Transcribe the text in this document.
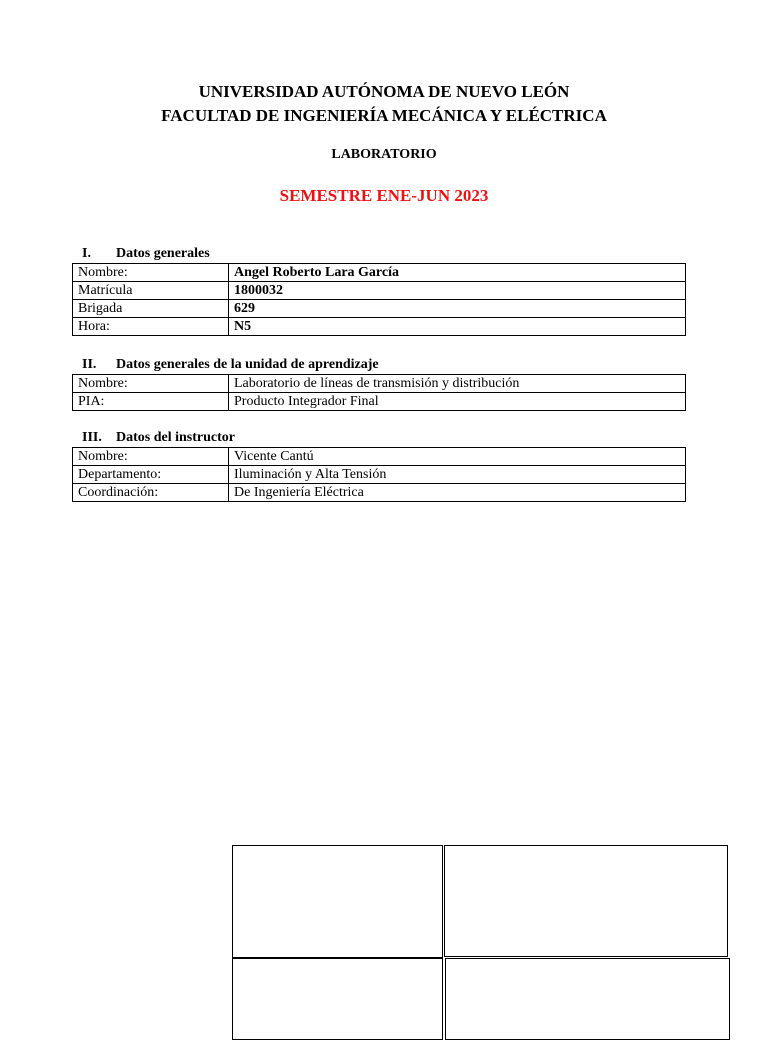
UNIVERSIDAD AUTÓNOMA DE NUEVO LEÓN
FACULTAD DE INGENIERÍA MECÁNICA Y ELÉCTRICA
LABORATORIO
SEMESTRE ENE-JUN 2023
I. Datos generales
Nombre:	Angel Roberto Lara García
Matrícula	1800032
Brigada	629
Hora:	N5
II. Datos generales de la unidad de aprendizaje
Nombre:	Laboratorio de líneas de transmisión y distribución
PIA:	Producto Integrador Final
III. Datos del instructor
Nombre:	Vicente Cantú
Departamento:	Iluminación y Alta Tensión
Coordinación:	De Ingeniería Eléctrica
